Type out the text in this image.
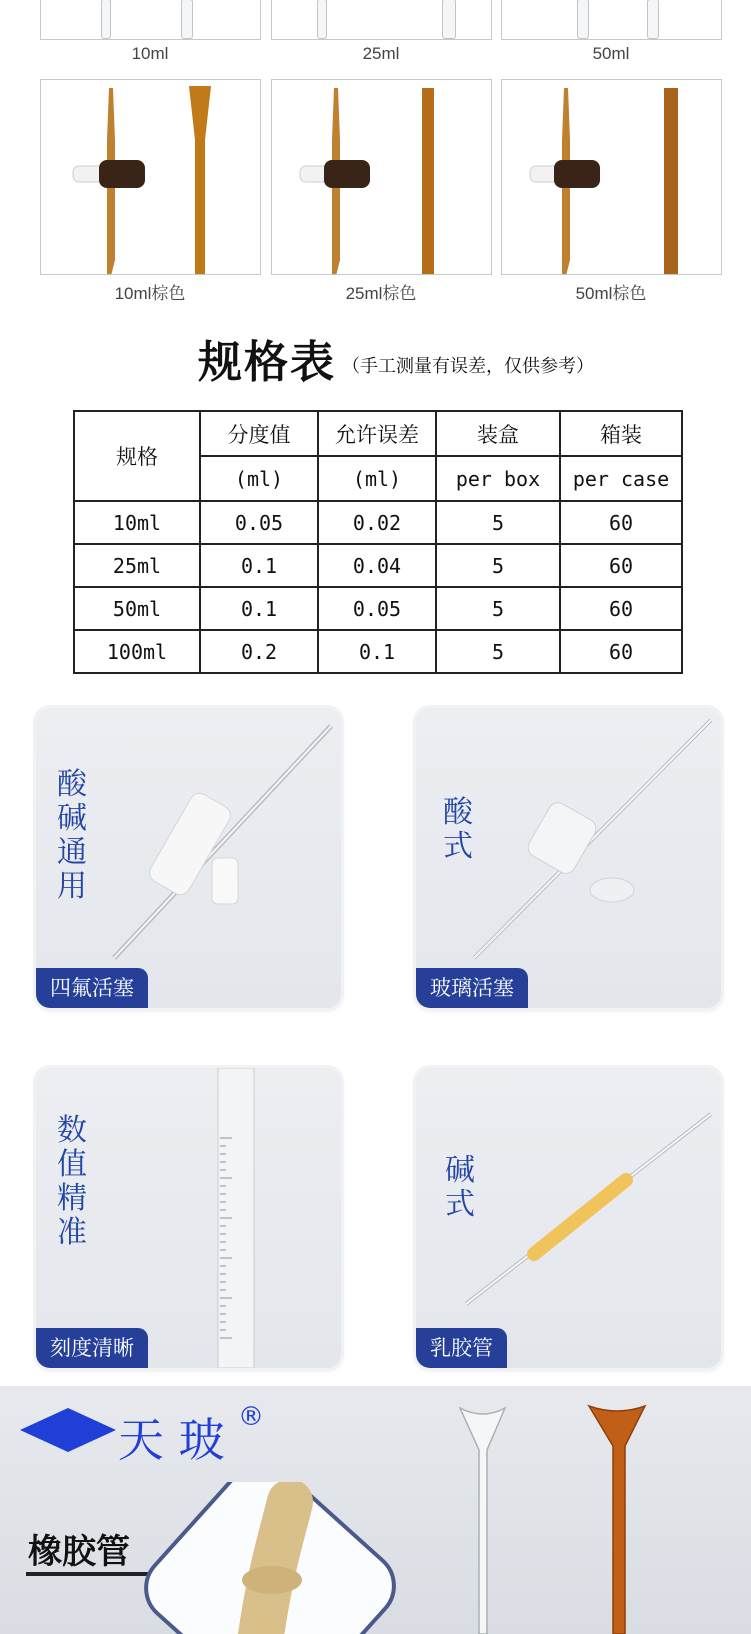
10ml	25ml	50ml
10ml棕色	25ml棕色	50ml棕色
规格表 （手工测量有误差，仅供参考）
规格	分度值	允许误差	装盒	箱装
	(ml)	(ml)	per box	per case
10ml	0.05	0.02	5	60
25ml	0.1	0.04	5	60
50ml	0.1	0.05	5	60
100ml	0.2	0.1	5	60
酸
碱
通
用
四氟活塞
酸
式
玻璃活塞
数
值
精
准
刻度清晰
碱
式
乳胶管
天 玻 ®
橡胶管
